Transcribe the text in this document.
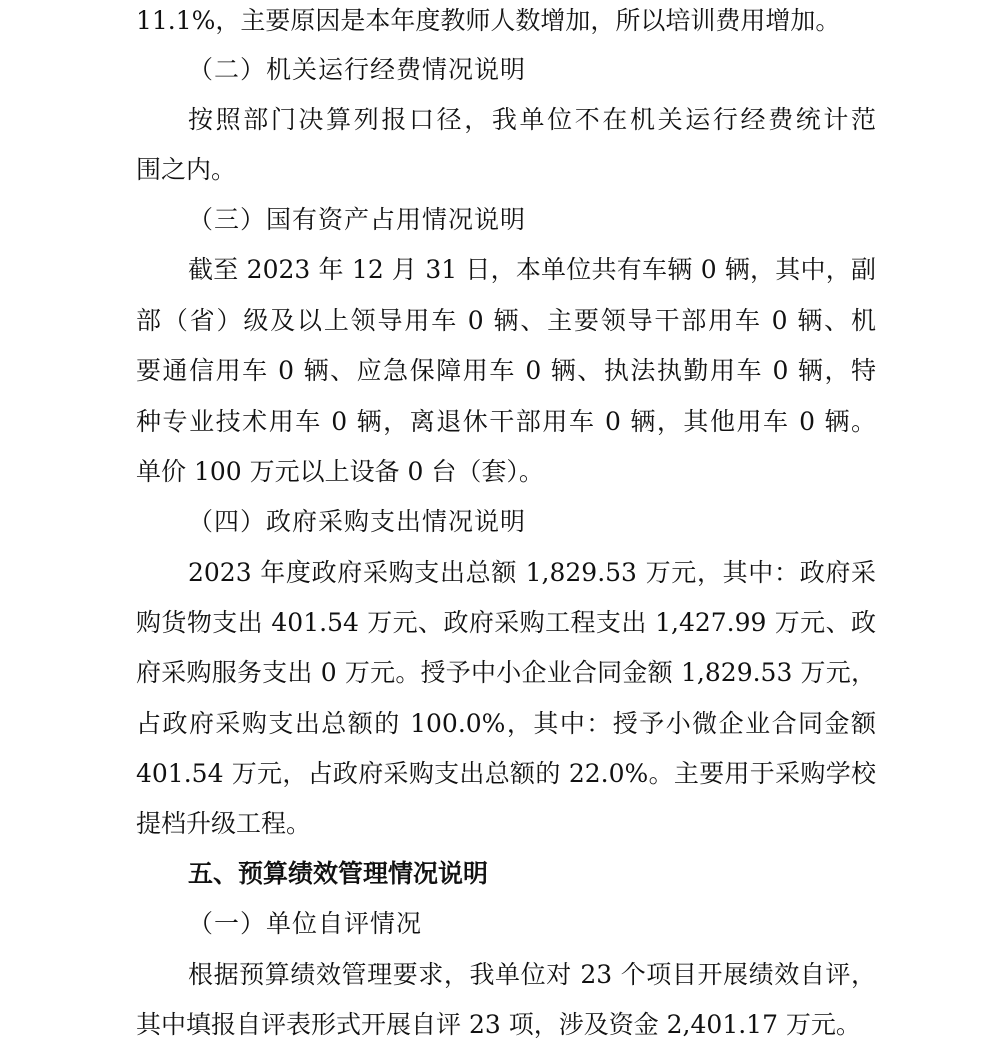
11.1%，主要原因是本年度教师人数增加，所以培训费用增加。
（二）机关运行经费情况说明
按照部门决算列报口径，我单位不在机关运行经费统计范
围之内。
（三）国有资产占用情况说明
截至 2023 年 12 月 31 日，本单位共有车辆 0 辆，其中，副
部（省）级及以上领导用车 0 辆、主要领导干部用车 0 辆、机
要通信用车 0 辆、应急保障用车 0 辆、执法执勤用车 0 辆，特
种专业技术用车 0 辆，离退休干部用车 0 辆，其他用车 0 辆。
单价 100 万元以上设备 0 台（套）。
（四）政府采购支出情况说明
2023 年度政府采购支出总额 1,829.53 万元，其中：政府采
购货物支出 401.54 万元、政府采购工程支出 1,427.99 万元、政
府采购服务支出 0 万元。授予中小企业合同金额 1,829.53 万元，
占政府采购支出总额的 100.0%，其中：授予小微企业合同金额
401.54 万元，占政府采购支出总额的 22.0%。主要用于采购学校
提档升级工程。
五、预算绩效管理情况说明
（一）单位自评情况
根据预算绩效管理要求，我单位对 23 个项目开展绩效自评，
其中填报自评表形式开展自评 23 项，涉及资金 2,401.17 万元。
